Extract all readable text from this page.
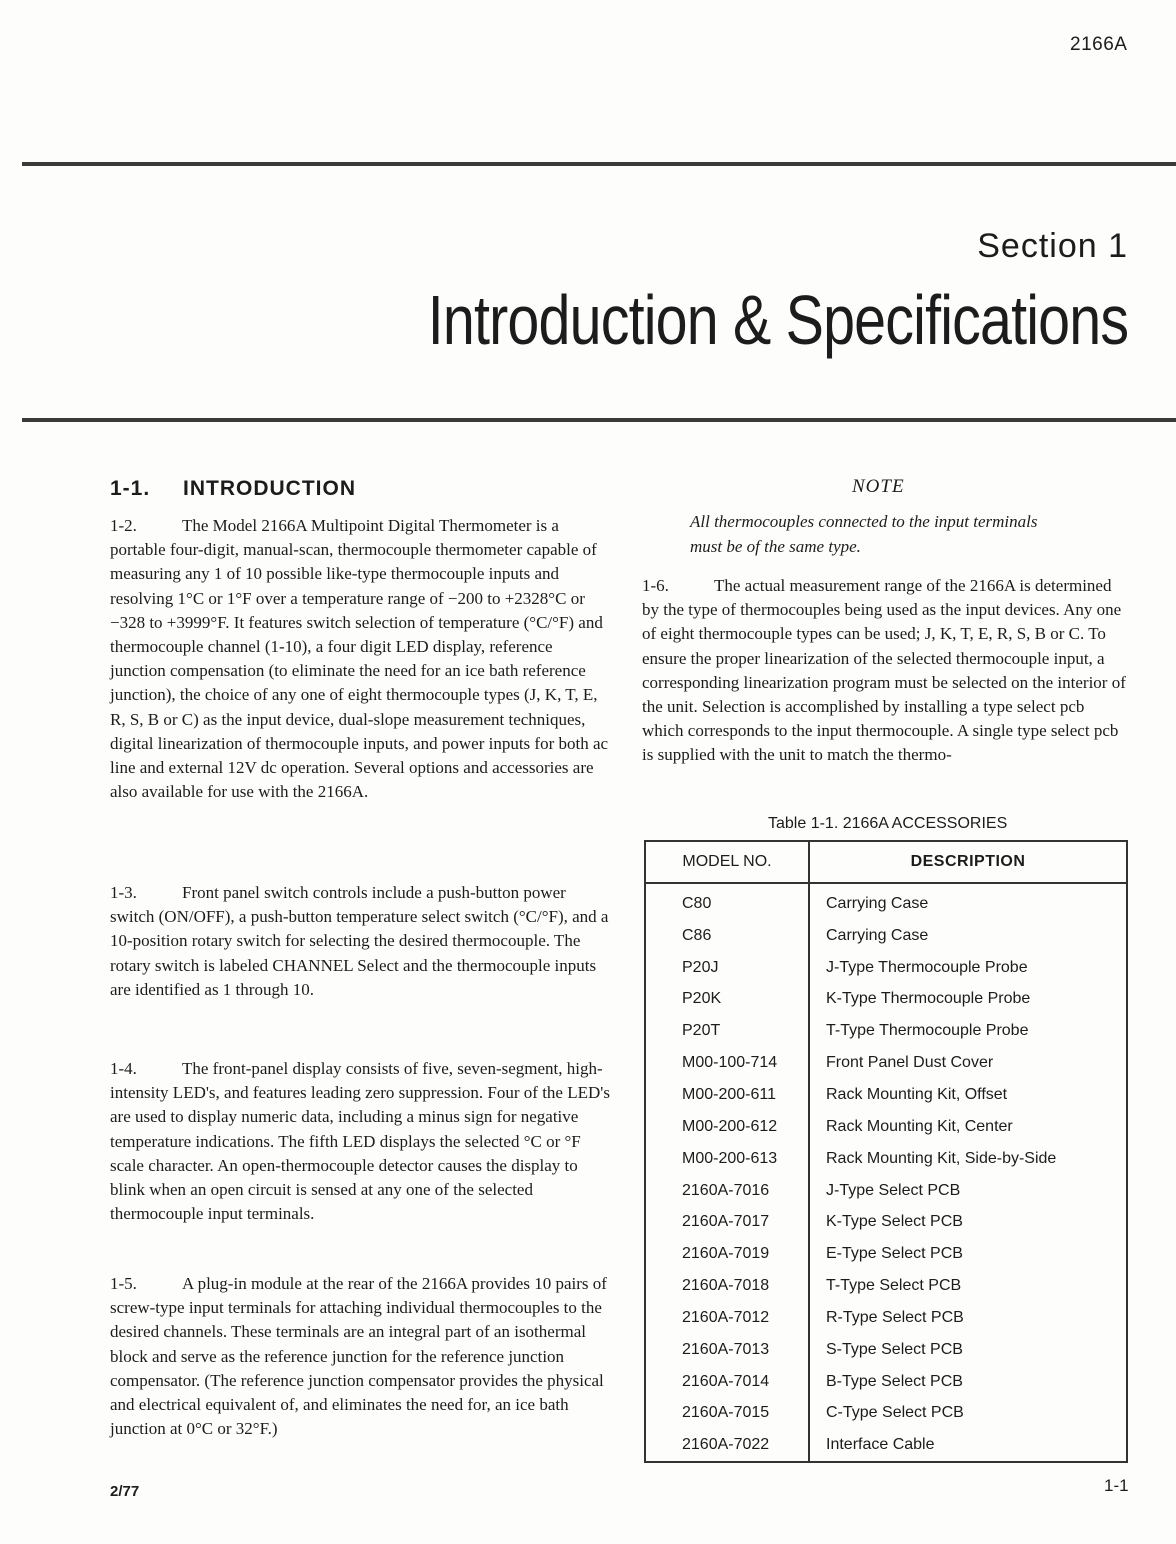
2166A
Section 1
Introduction & Specifications
1-1. INTRODUCTION
1-2.	The Model 2166A Multipoint Digital Thermometer is a portable four-digit, manual-scan, thermocouple thermometer capable of measuring any 1 of 10 possible like-type thermocouple inputs and resolving 1°C or 1°F over a temperature range of −200 to +2328°C or −328 to +3999°F. It features switch selection of temperature (°C/°F) and thermocouple channel (1-10), a four digit LED display, reference junction compensation (to eliminate the need for an ice bath reference junction), the choice of any one of eight thermocouple types (J, K, T, E, R, S, B or C) as the input device, dual-slope measurement techniques, digital linearization of thermocouple inputs, and power inputs for both ac line and external 12V dc operation. Several options and accessories are also available for use with the 2166A.
1-3.	Front panel switch controls include a push-button power switch (ON/OFF), a push-button temperature select switch (°C/°F), and a 10-position rotary switch for selecting the desired thermocouple. The rotary switch is labeled CHANNEL Select and the thermocouple inputs are identified as 1 through 10.
1-4.	The front-panel display consists of five, seven-segment, high-intensity LED's, and features leading zero suppression. Four of the LED's are used to display numeric data, including a minus sign for negative temperature indications. The fifth LED displays the selected °C or °F scale character. An open-thermocouple detector causes the display to blink when an open circuit is sensed at any one of the selected thermocouple input terminals.
1-5.	A plug-in module at the rear of the 2166A provides 10 pairs of screw-type input terminals for attaching individual thermocouples to the desired channels. These terminals are an integral part of an isothermal block and serve as the reference junction for the reference junction compensator. (The reference junction compensator provides the physical and electrical equivalent of, and eliminates the need for, an ice bath junction at 0°C or 32°F.)
NOTE
All thermocouples connected to the input terminals must be of the same type.
1-6.	The actual measurement range of the 2166A is determined by the type of thermocouples being used as the input devices. Any one of eight thermocouple types can be used; J, K, T, E, R, S, B or C. To ensure the proper linearization of the selected thermocouple input, a corresponding linearization program must be selected on the interior of the unit. Selection is accomplished by installing a type select pcb which corresponds to the input thermocouple. A single type select pcb is supplied with the unit to match the thermo-
Table 1-1. 2166A ACCESSORIES
MODEL NO.	DESCRIPTION
C80	Carrying Case
C86	Carrying Case
P20J	J-Type Thermocouple Probe
P20K	K-Type Thermocouple Probe
P20T	T-Type Thermocouple Probe
M00-100-714	Front Panel Dust Cover
M00-200-611	Rack Mounting Kit, Offset
M00-200-612	Rack Mounting Kit, Center
M00-200-613	Rack Mounting Kit, Side-by-Side
2160A-7016	J-Type Select PCB
2160A-7017	K-Type Select PCB
2160A-7019	E-Type Select PCB
2160A-7018	T-Type Select PCB
2160A-7012	R-Type Select PCB
2160A-7013	S-Type Select PCB
2160A-7014	B-Type Select PCB
2160A-7015	C-Type Select PCB
2160A-7022	Interface Cable
2/77	1-1
